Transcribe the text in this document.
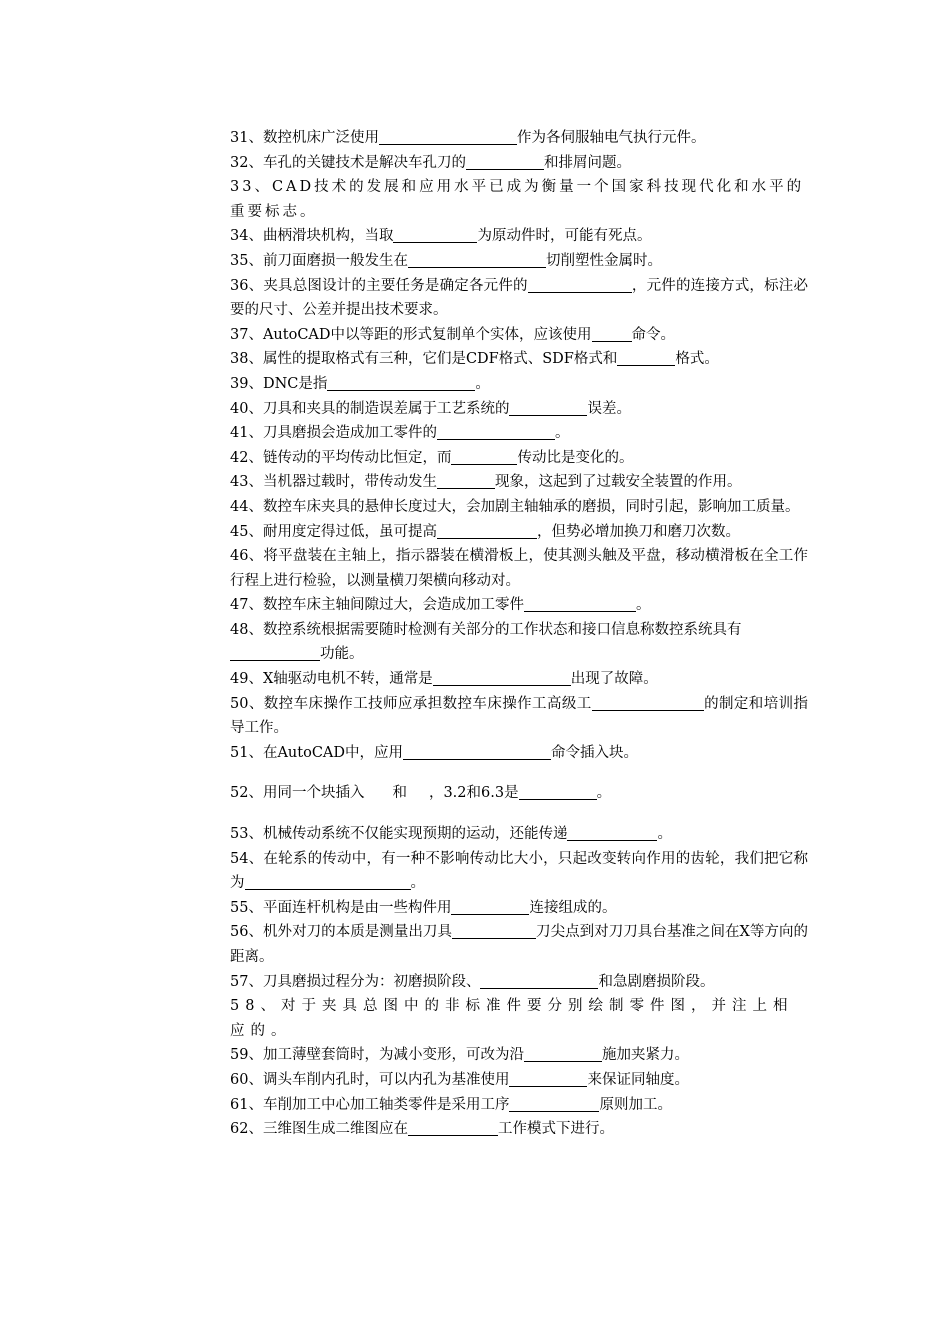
31、数控机床广泛使用	作为各伺服轴电气执行元件。

32、车孔的关键技术是解决车孔刀的	和排屑问题。

33、CAD技术的发展和应用水平已成为衡量一个国家科技现代化和水平的重要标志。

34、曲柄滑块机构，当取	为原动件时，可能有死点。

35、前刀面磨损一般发生在	切削塑性金属时。

36、夹具总图设计的主要任务是确定各元件的	，元件的连接方式，标注必要的尺寸、公差并提出技术要求。

37、AutoCAD中以等距的形式复制单个实体，应该使用	命令。

38、属性的提取格式有三种，它们是CDF格式、SDF格式和	格式。

39、DNC是指	。

40、刀具和夹具的制造误差属于工艺系统的	误差。

41、刀具磨损会造成加工零件的	。

42、链传动的平均传动比恒定，而	传动比是变化的。

43、当机器过载时，带传动发生	现象，这起到了过载安全装置的作用。

44、数控车床夹具的悬伸长度过大，会加剧主轴轴承的磨损，同时引起，影响加工质量。

45、耐用度定得过低，虽可提高	，但势必增加换刀和磨刀次数。

46、将平盘装在主轴上，指示器装在横滑板上，使其测头触及平盘，移动横滑板在全工作行程上进行检验，以测量横刀架横向移动对。

47、数控车床主轴间隙过大，会造成加工零件	。

48、数控系统根据需要随时检测有关部分的工作状态和接口信息称数控系统具有
功能。

49、X轴驱动电机不转，通常是	出现了故障。

50、数控车床操作工技师应承担数控车床操作工高级工	的制定和培训指导工作。

51、在AutoCAD中，应用	命令插入块。

52、用同一个块插入 和 ，3.2和6.3是	。

53、机械传动系统不仅能实现预期的运动，还能传递	。

54、在轮系的传动中，有一种不影响传动比大小，只起改变转向作用的齿轮，我们把它称为	。

55、平面连杆机构是由一些构件用	连接组成的。

56、机外对刀的本质是测量出刀具	刀尖点到对刀刀具台基准之间在X等方向的距离。

57、刀具磨损过程分为：初磨损阶段、	和急剧磨损阶段。

58、对于夹具总图中的非标准件要分别绘制零件图，并注上相应的。

59、加工薄壁套筒时，为减小变形，可改为沿	施加夹紧力。

60、调头车削内孔时，可以内孔为基准使用	来保证同轴度。

61、车削加工中心加工轴类零件是采用工序	原则加工。

62、三维图生成二维图应在	工作模式下进行。
